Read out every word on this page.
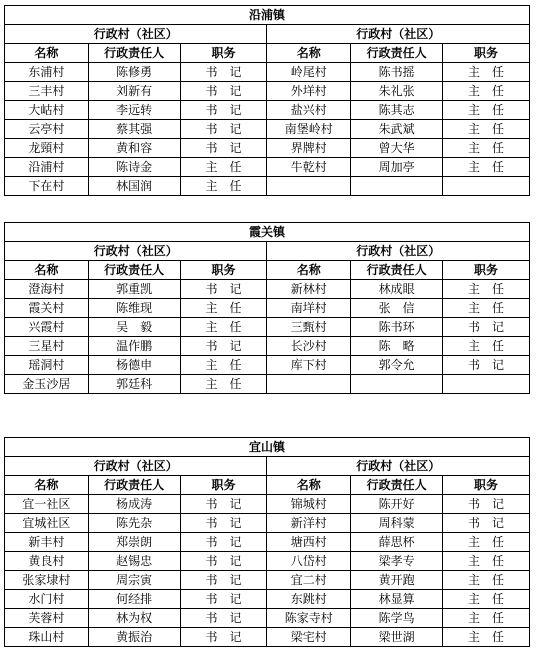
沿浦镇					
行政村（社区）			行政村（社区）		
名称	行政责任人	职务	名称	行政责任人	职务
东浦村	陈修勇	书　记	岭尾村	陈书摇	主　任
三丰村	刘新有	书　记	外垟村	朱礼张	主　任
大岵村	李远转	书　记	盐兴村	陈其志	主　任
云亭村	蔡其强	书　记	南堡岭村	朱武斌	主　任
龙頸村	黄和容	书　记	界牌村	曾大华	主　任
沿浦村	陈诗金	主　任	牛乾村	周加亭	主　任
下在村	林国润	主　任			
霞关镇					
行政村（社区）			行政村（社区）		
名称	行政责任人	职务	名称	行政责任人	职务
澄海村	郭重凯	书　记	新林村	林成眼	主　任
霞关村	陈维现	主　任	南垟村	张　信	主　任
兴霞村	吴　毅	主　任	三甄村	陈书环	书　记
三星村	温作鹏	书　记	长沙村	陈　略	主　任
瑶洞村	杨德申	主　任	库下村	郭令允	书　记
金玉沙居	郭廷科	主　任			
宜山镇					
行政村（社区）			行政村（社区）		
名称	行政责任人	职务	名称	行政责任人	职务
宜一社区	杨成涛	书　记	锦城村	陈开好	书　记
宜城社区	陈先杂	书　记	新洋村	周科蒙	书　记
新丰村	郑崇朗	书　记	塘西村	薛思杯	主　任
黄良村	赵锡忠	书　记	八岱村	梁孝专	主　任
张家埭村	周宗寅	书　记	宜二村	黄开跑	主　任
水门村	何经排	书　记	东跳村	林显算	主　任
芙蓉村	林为权	书　记	陈家寺村	陈学鸟	主　任
珠山村	黄振治	书　记	梁宅村	梁世湖	主　任
